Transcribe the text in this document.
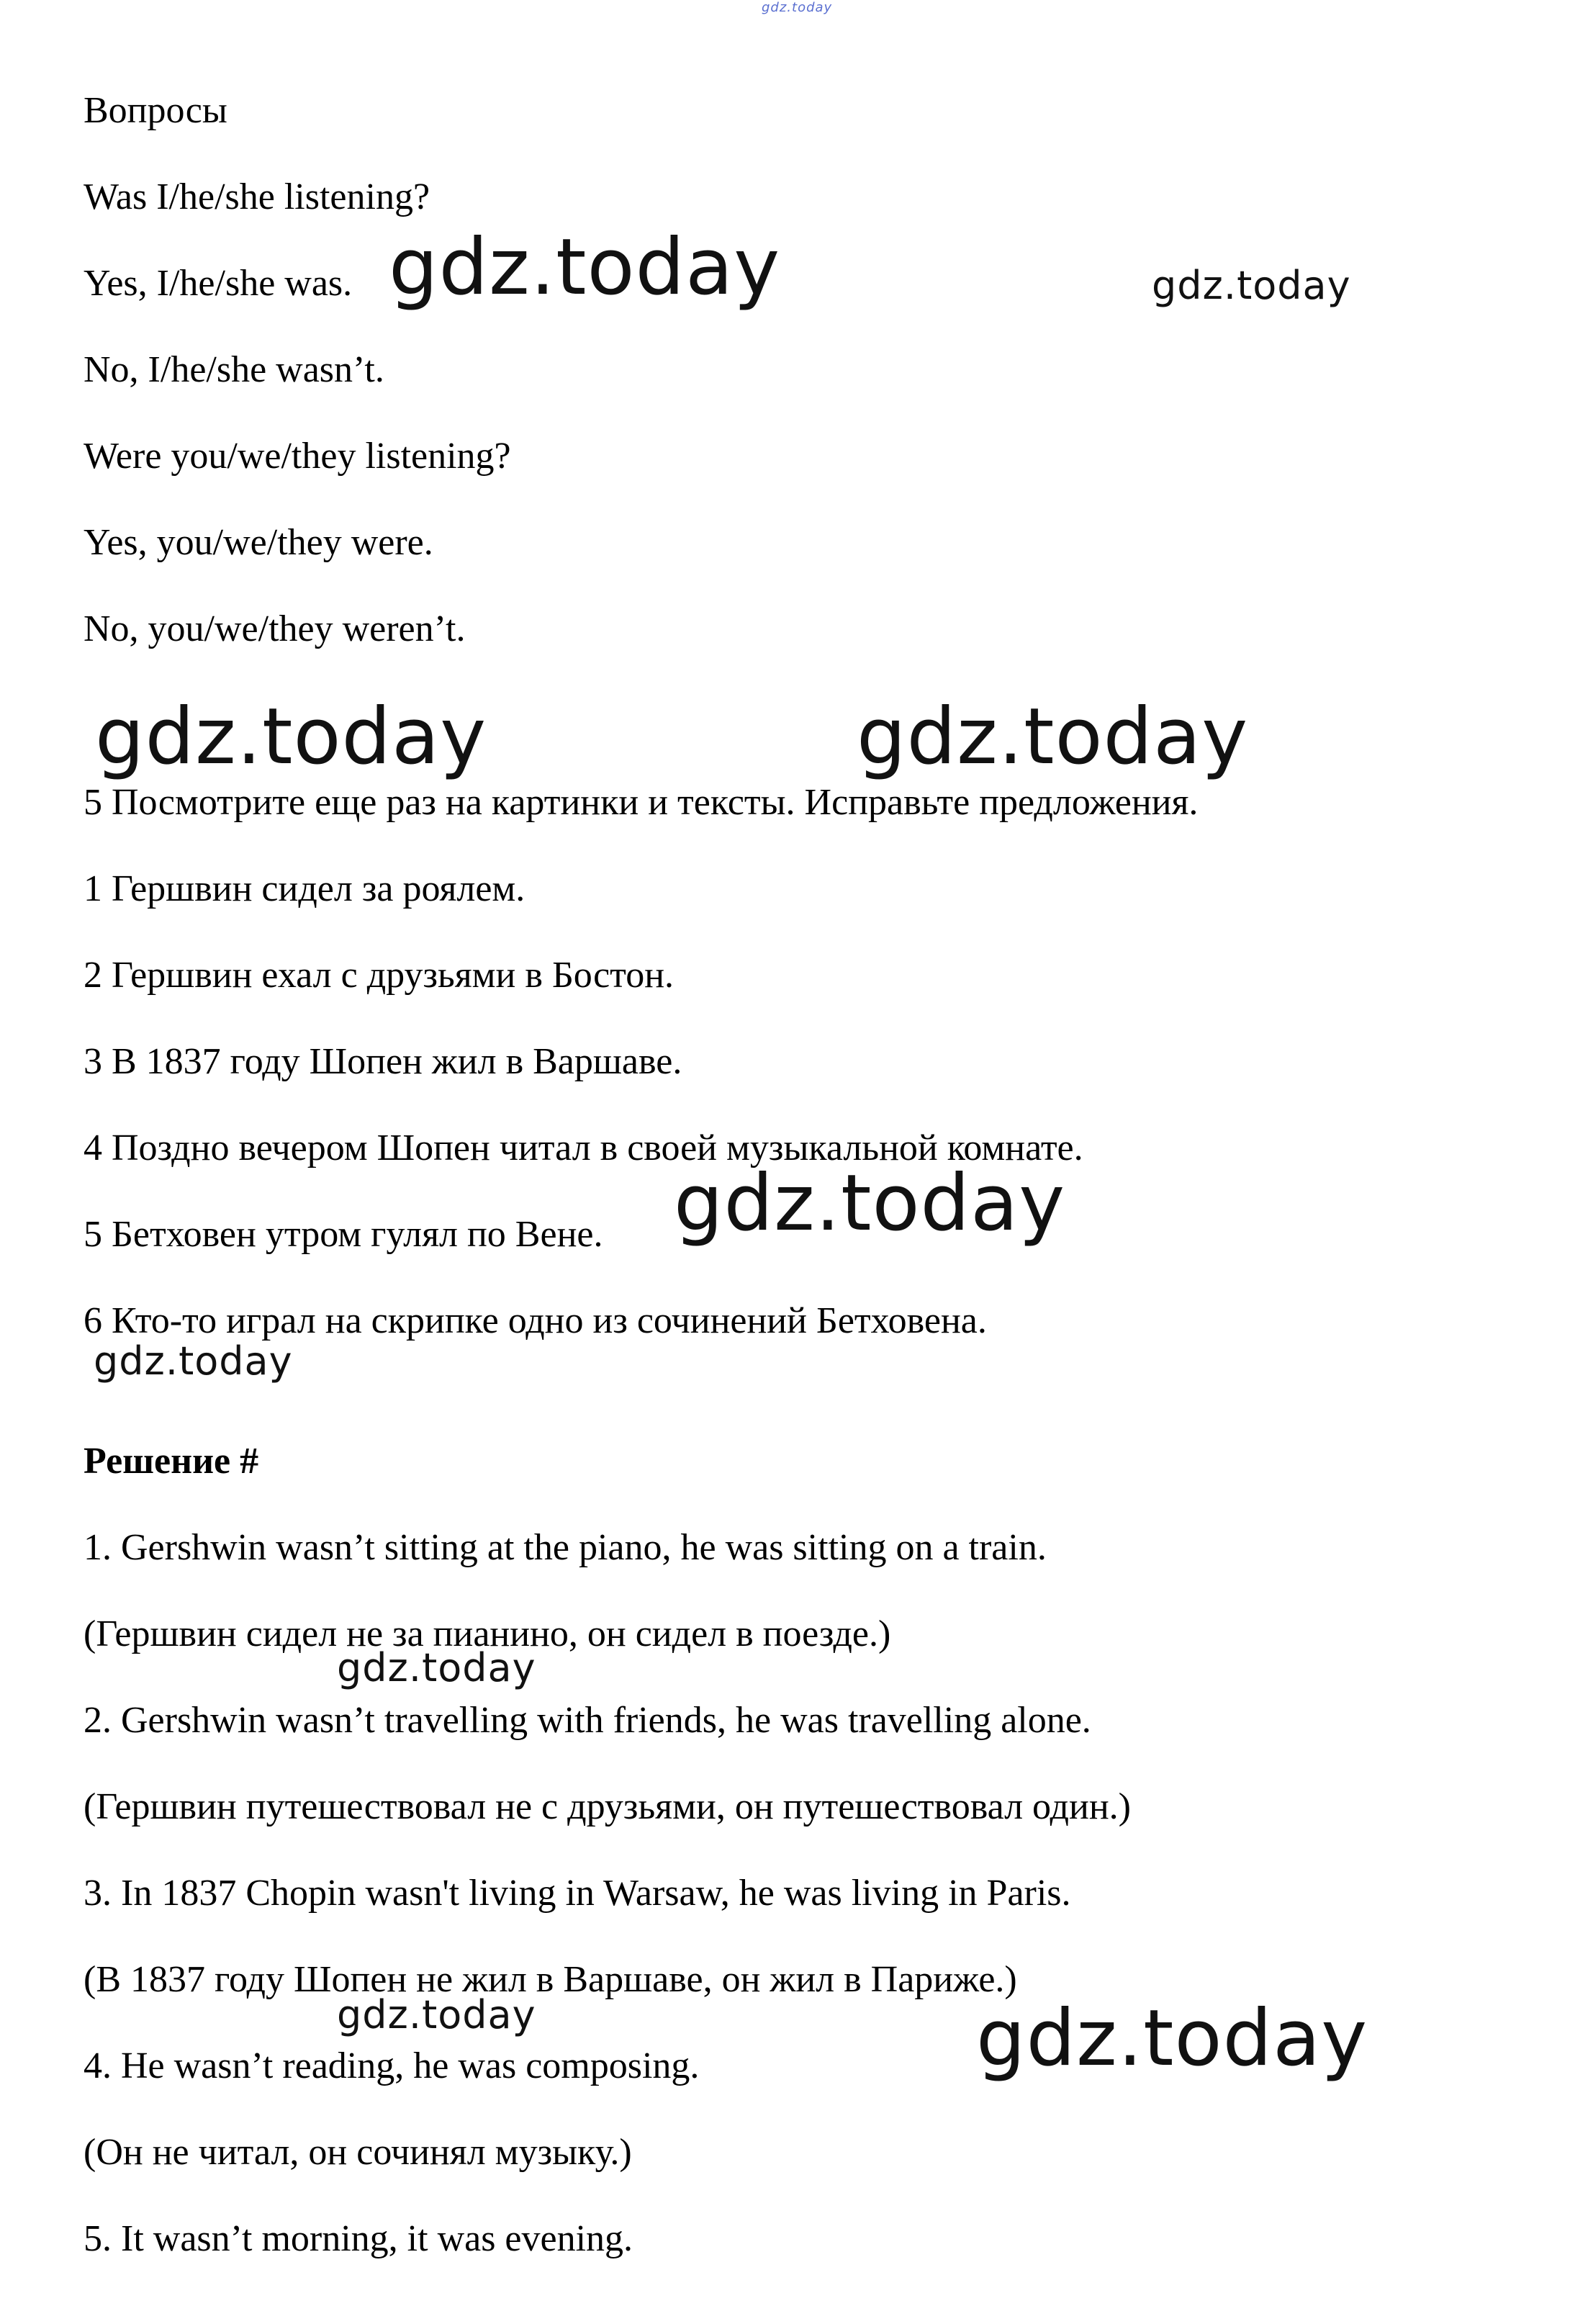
gdz.today

Вопросы

Was I/he/she listening?

Yes, I/he/she was.

No, I/he/she wasn’t.

Were you/we/they listening?

Yes, you/we/they were.

No, you/we/they weren’t.

5 Посмотрите еще раз на картинки и тексты. Исправьте предложения.

1 Гершвин сидел за роялем.

2 Гершвин ехал с друзьями в Бостон.

3 В 1837 году Шопен жил в Варшаве.

4 Поздно вечером Шопен читал в своей музыкальной комнате.

5 Бетховен утром гулял по Вене.

6 Кто-то играл на скрипке одно из сочинений Бетховена.

Решение #

1. Gershwin wasn’t sitting at the piano, he was sitting on a train.

(Гершвин сидел не за пианино, он сидел в поезде.)

2. Gershwin wasn’t travelling with friends, he was travelling alone.

(Гершвин путешествовал не с друзьями, он путешествовал один.)

3. In 1837 Chopin wasn't living in Warsaw, he was living in Paris.

(В 1837 году Шопен не жил в Варшаве, он жил в Париже.)

4. He wasn’t reading, he was composing.

(Он не читал, он сочинял музыку.)

5. It wasn’t morning, it was evening.

gdz.today	gdz.today
gdz.today	gdz.today
gdz.today
gdz.today
gdz.today
gdz.today	gdz.today
